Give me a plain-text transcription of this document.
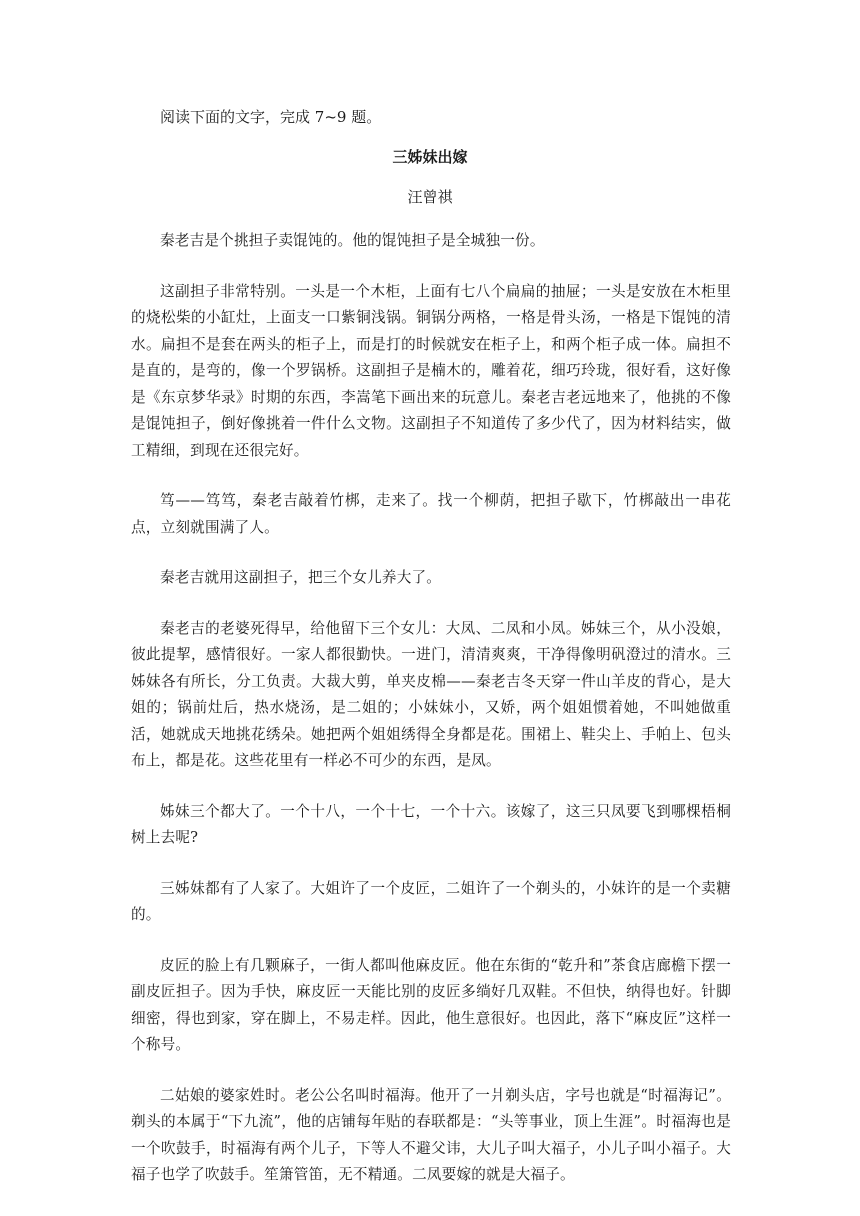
阅读下面的文字，完成 7~9 题。
三姊妹出嫁
汪曾祺

秦老吉是个挑担子卖馄饨的。他的馄饨担子是全城独一份。

这副担子非常特别。一头是一个木柜，上面有七八个扁扁的抽屉；一头是安放在木柜里的烧松柴的小缸灶，上面支一口紫铜浅锅。铜锅分两格，一格是骨头汤，一格是下馄饨的清水。扁担不是套在两头的柜子上，而是打的时候就安在柜子上，和两个柜子成一体。扁担不是直的，是弯的，像一个罗锅桥。这副担子是楠木的，雕着花，细巧玲珑，很好看，这好像是《东京梦华录》时期的东西，李嵩笔下画出来的玩意儿。秦老吉老远地来了，他挑的不像是馄饨担子，倒好像挑着一件什么文物。这副担子不知道传了多少代了，因为材料结实，做工精细，到现在还很完好。

笃——笃笃，秦老吉敲着竹梆，走来了。找一个柳荫，把担子歇下，竹梆敲出一串花点，立刻就围满了人。

秦老吉就用这副担子，把三个女儿养大了。

秦老吉的老婆死得早，给他留下三个女儿：大凤、二凤和小凤。姊妹三个，从小没娘，彼此提挈，感情很好。一家人都很勤快。一进门，清清爽爽，干净得像明矾澄过的清水。三姊妹各有所长，分工负责。大裁大剪，单夹皮棉——秦老吉冬天穿一件山羊皮的背心，是大姐的；锅前灶后，热水烧汤，是二姐的；小妹妹小，又娇，两个姐姐惯着她，不叫她做重活，她就成天地挑花绣朵。她把两个姐姐绣得全身都是花。围裙上、鞋尖上、手帕上、包头布上，都是花。这些花里有一样必不可少的东西，是凤。

姊妹三个都大了。一个十八，一个十七，一个十六。该嫁了，这三只凤要飞到哪棵梧桐树上去呢?

三姊妹都有了人家了。大姐许了一个皮匠，二姐许了一个剃头的，小妹许的是一个卖糖的。

皮匠的脸上有几颗麻子，一街人都叫他麻皮匠。他在东街的“乾升和”茶食店廊檐下摆一副皮匠担子。因为手快，麻皮匠一天能比别的皮匠多绱好几双鞋。不但快，纳得也好。针脚细密，得也到家，穿在脚上，不易走样。因此，他生意很好。也因此，落下“麻皮匠”这样一个称号。

二姑娘的婆家姓时。老公公名叫时福海。他开了一爿剃头店，字号也就是“时福海记”。剃头的本属于“下九流”，他的店铺每年贴的春联都是：“头等事业，顶上生涯”。时福海也是一个吹鼓手，时福海有两个儿子，下等人不避父讳，大儿子叫大福子，小儿子叫小福子。大福子也学了吹鼓手。笙箫管笛，无不精通。二凤要嫁的就是大福子。
